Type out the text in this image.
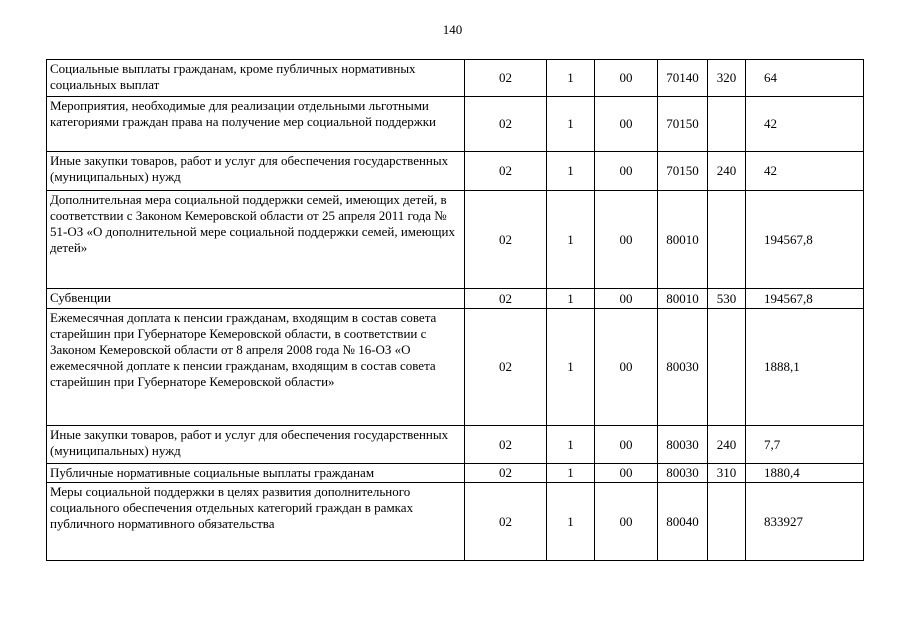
140
Социальные выплаты гражданам, кроме публичных нормативных социальных выплат	02	1	00	70140	320	64
Мероприятия, необходимые для реализации отдельными льготными категориями граждан права на получение мер социальной поддержки	02	1	00	70150		42
Иные закупки товаров, работ и услуг для обеспечения государственных (муниципальных) нужд	02	1	00	70150	240	42
Дополнительная мера социальной поддержки семей, имеющих детей, в соответствии с Законом Кемеровской области от 25 апреля 2011 года № 51-ОЗ «О дополнительной мере социальной поддержки семей, имеющих детей»	02	1	00	80010		194567,8
Субвенции	02	1	00	80010	530	194567,8
Ежемесячная доплата к пенсии гражданам, входящим в состав совета старейшин при Губернаторе Кемеровской области, в соответствии с Законом Кемеровской области от 8 апреля 2008 года № 16-ОЗ «О ежемесячной доплате к пенсии гражданам, входящим в состав совета старейшин при Губернаторе Кемеровской области»	02	1	00	80030		1888,1
Иные закупки товаров, работ и услуг для обеспечения государственных (муниципальных) нужд	02	1	00	80030	240	7,7
Публичные нормативные социальные выплаты гражданам	02	1	00	80030	310	1880,4
Меры социальной поддержки в целях развития дополнительного социального обеспечения отдельных категорий граждан в рамках публичного нормативного обязательства	02	1	00	80040		833927
